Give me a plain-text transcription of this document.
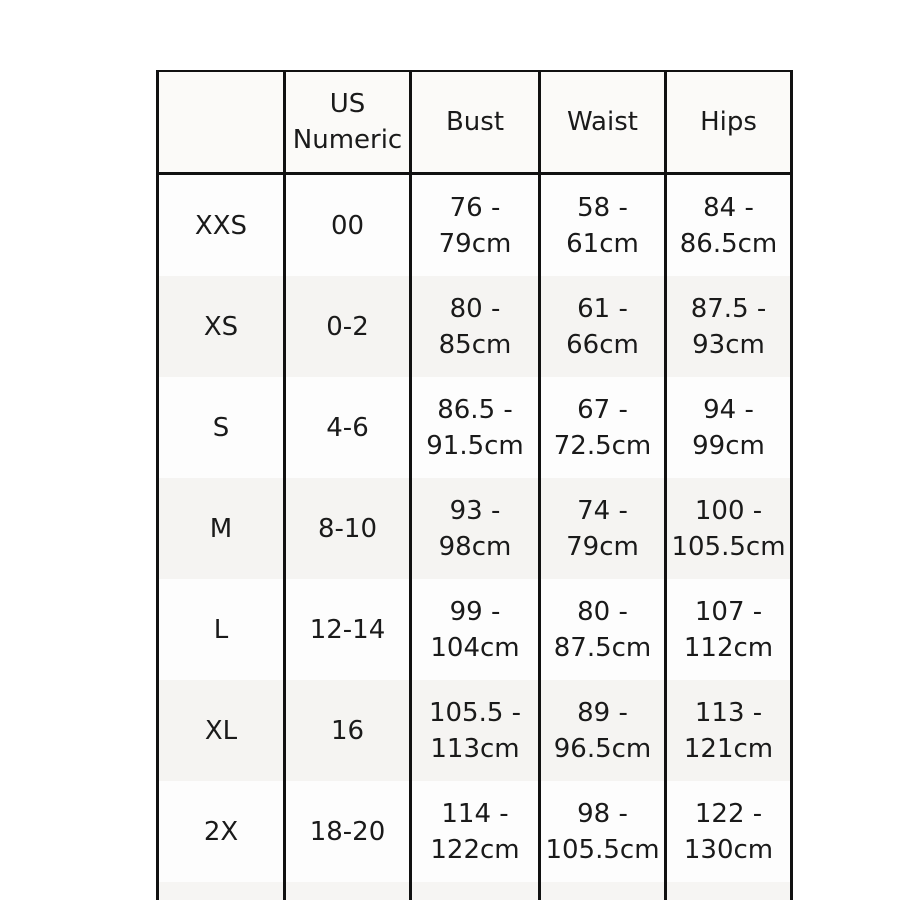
	US Numeric	Bust	Waist	Hips

XXS	00	76 - 79cm	58 - 61cm	84 - 86.5cm

XS	0-2	80 - 85cm	61 - 66cm	87.5 - 93cm

S	4-6	86.5 - 91.5cm	67 - 72.5cm	94 - 99cm

M	8-10	93 - 98cm	74 - 79cm	100 - 105.5cm

L	12-14	99 - 104cm	80 - 87.5cm	107 - 112cm

XL	16	105.5 - 113cm	89 - 96.5cm	113 - 121cm

2X	18-20	114 - 122cm	98 - 105.5cm	122 - 130cm
